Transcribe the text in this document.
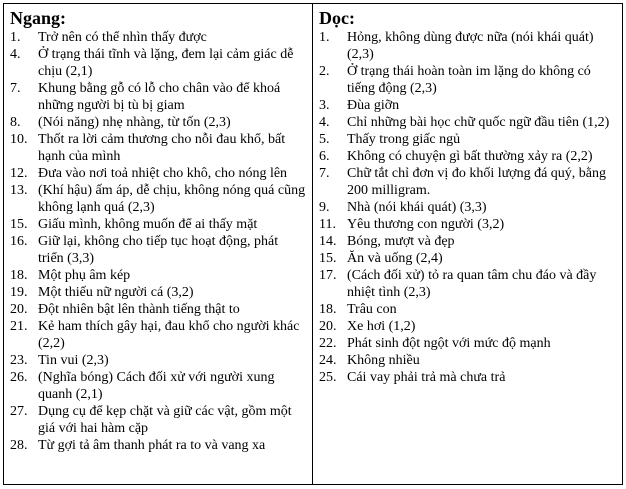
Ngang:
1.	Trở nên có thể nhìn thấy được
4.	Ở trạng thái tĩnh và lặng, đem lại cảm giác dễ chịu (2,1)
7.	Khung bằng gỗ có lỗ cho chân vào để khoá những người bị tù bị giam
8.	(Nói năng) nhẹ nhàng, từ tốn (2,3)
10. Thốt ra lời cảm thương cho nỗi đau khổ, bất hạnh của mình
12. Đưa vào nơi toả nhiệt cho khô, cho nóng lên
13. (Khí hậu) ấm áp, dễ chịu, không nóng quá cũng không lạnh quá (2,3)
15. Giấu mình, không muốn để ai thấy mặt
16. Giữ lại, không cho tiếp tục hoạt động, phát triển (3,3)
18. Một phụ âm kép
19. Một thiếu nữ người cá (3,2)
20. Đột nhiên bật lên thành tiếng thật to
21. Kẻ ham thích gây hại, đau khổ cho người khác (2,2)
23. Tin vui (2,3)
26. (Nghĩa bóng) Cách đối xử với người xung quanh (2,1)
27. Dụng cụ để kẹp chặt và giữ các vật, gồm một giá với hai hàm cặp
28. Từ gợi tả âm thanh phát ra to và vang xa
Dọc:
1.	Hỏng, không dùng được nữa (nói khái quát) (2,3)
2.	Ở trạng thái hoàn toàn im lặng do không có tiếng động (2,3)
3.	Đùa giỡn
4.	Chỉ những bài học chữ quốc ngữ đầu tiên (1,2)
5.	Thấy trong giấc ngủ
6.	Không có chuyện gì bất thường xảy ra (2,2)
7.	Chữ tắt chỉ đơn vị đo khối lượng đá quý, bằng 200 milligram.
9.	Nhà (nói khái quát) (3,3)
11. Yêu thương con người (3,2)
14. Bóng, mượt và đẹp
15. Ăn và uống (2,4)
17. (Cách đối xử) tỏ ra quan tâm chu đáo và đầy nhiệt tình (2,3)
18. Trâu con
20. Xe hơi (1,2)
22. Phát sinh đột ngột với mức độ mạnh
24. Không nhiều
25. Cái vay phải trả mà chưa trả
